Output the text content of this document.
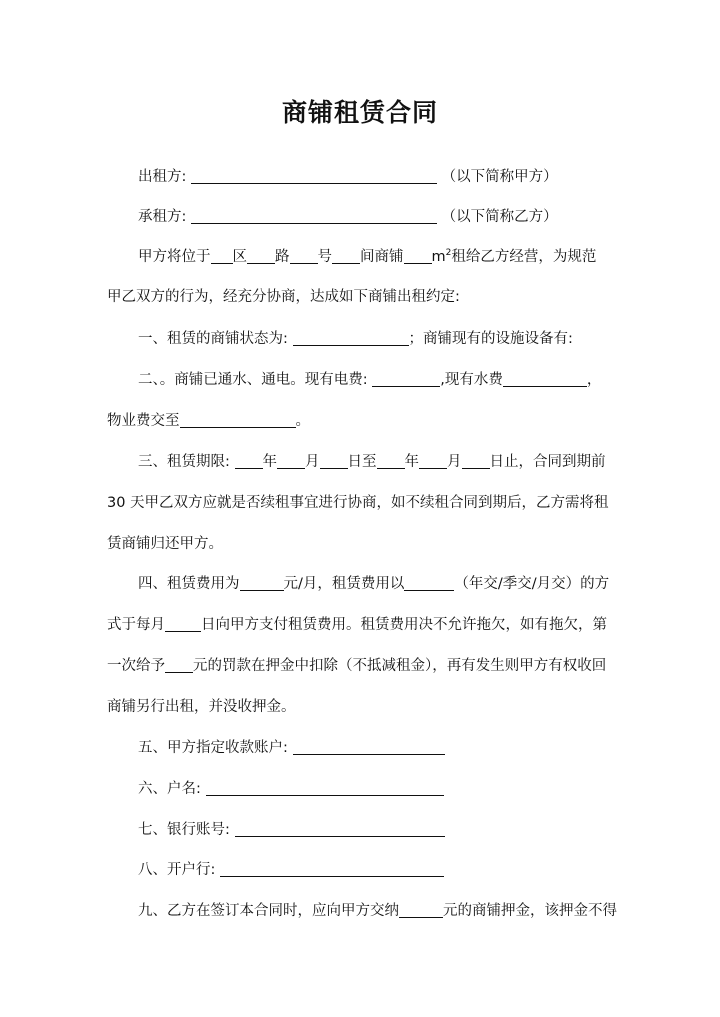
商铺租赁合同
出租方:	（以下简称甲方）
承租方:	（以下简称乙方）
甲方将位于 区 路 号 间商铺 $m^2$租给乙方经营，为规范
甲乙双方的行为，经充分协商，达成如下商铺出租约定:
一、租赁的商铺状态为:	；商铺现有的设施设备有:
二、。商铺已通水、通电。现有电费:	,现有水费	，
物业费交至	。
三、租赁期限: 年 月 日至 年 月 日止，合同到期前
30 天甲乙双方应就是否续租事宜进行协商，如不续租合同到期后，乙方需将租
赁商铺归还甲方。
四、租赁费用为	元/月，租赁费用以	（年交/季交/月交）的方
式于每月 日向甲方支付租赁费用。租赁费用决不允许拖欠，如有拖欠，第
一次给予 元的罚款在押金中扣除（不抵减租金），再有发生则甲方有权收回
商铺另行出租，并没收押金。
五、甲方指定收款账户:
六、户名:
七、银行账号:
八、开户行:
九、乙方在签订本合同时，应向甲方交纳	元的商铺押金，该押金不得
